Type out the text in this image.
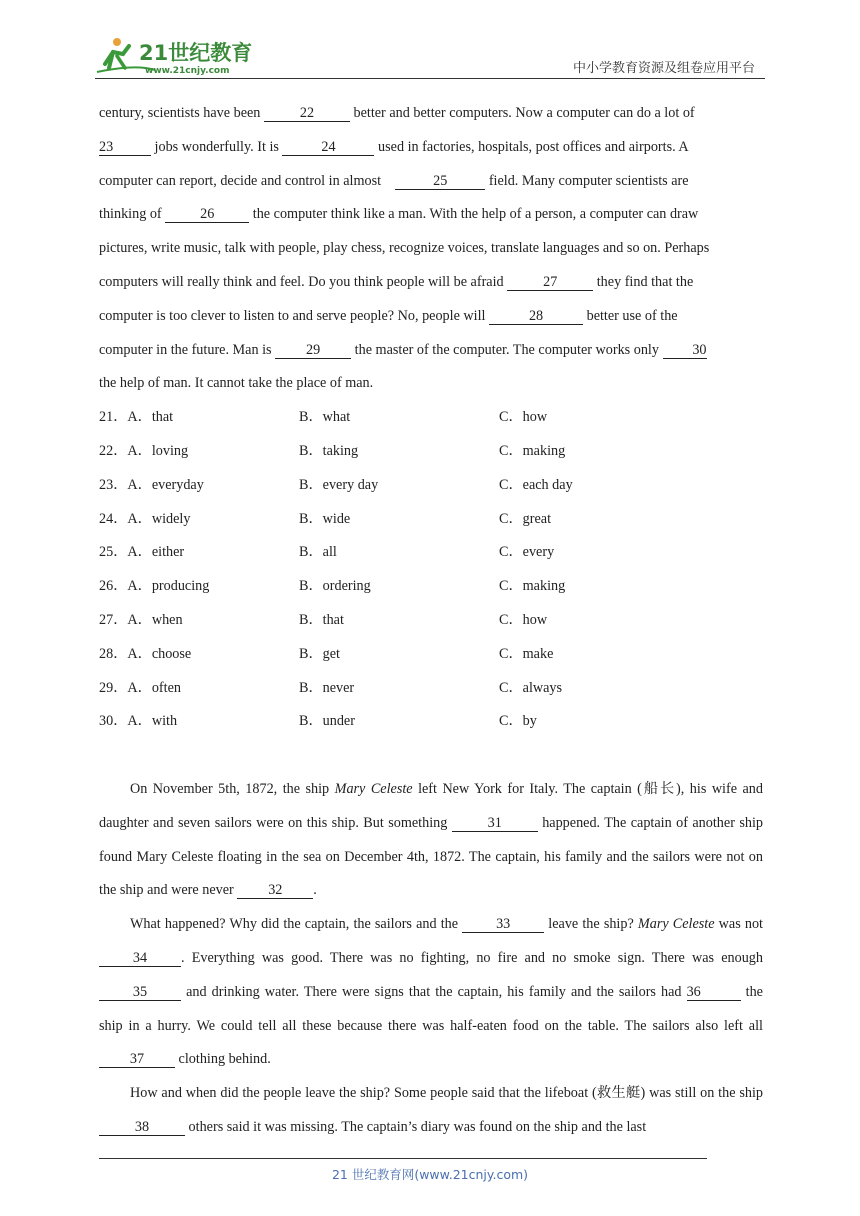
21世纪教育
www.21cnjy.com	中小学教育资源及组卷应用平台

century, scientists have been	22	better and better computers. Now a computer can do a lot of
23	jobs wonderfully. It is	24	used in factories, hospitals, post offices and airports. A
computer can report, decide and control in almost	25	field. Many computer scientists are
thinking of 26 the computer think like a man. With the help of a person, a computer can draw
pictures, write music, talk with people, play chess, recognize voices, translate languages and so on. Perhaps
computers will really think and feel. Do you think people will be afraid	27	they find that the
computer is too clever to listen to and serve people? No, people will	28	better use of the
computer in the future. Man is 29 the master of the computer. The computer works only 30
the help of man. It cannot take the place of man.

21．A．that	B．what	C．how
22．A．loving	B．taking	C．making
23．A．everyday	B．every day	C．each day
24．A．widely	B．wide	C．great
25．A．either	B．all	C．every
26．A．producing	B．ordering	C．making
27．A．when	B．that	C．how
28．A．choose	B．get	C．make
29．A．often	B．never	C．always
30．A．with	B．under	C．by

On November 5th, 1872, the ship Mary Celeste left New York for Italy. The captain (船长), his wife and daughter and seven sailors were on this ship. But something	31	happened. The captain of another ship found Mary Celeste floating in the sea on December 4th, 1872. The captain, his family and the sailors were not on the ship and were never 32 .

What happened? Why did the captain, the sailors and the 33 leave the ship? Mary Celeste was not 34 . Everything was good. There was no fighting, no fire and no smoke sign. There was enough 35 and drinking water. There were signs that the captain, his family and the sailors had 36	the ship in a hurry. We could tell all these because there was half-eaten food on the table. The sailors also left all 37 clothing behind.

How and when did the people leave the ship? Some people said that the lifeboat (救生艇) was still on the ship 38	others said it was missing. The captain’s diary was found on the ship and the last

21 世纪教育网(www.21cnjy.com)
